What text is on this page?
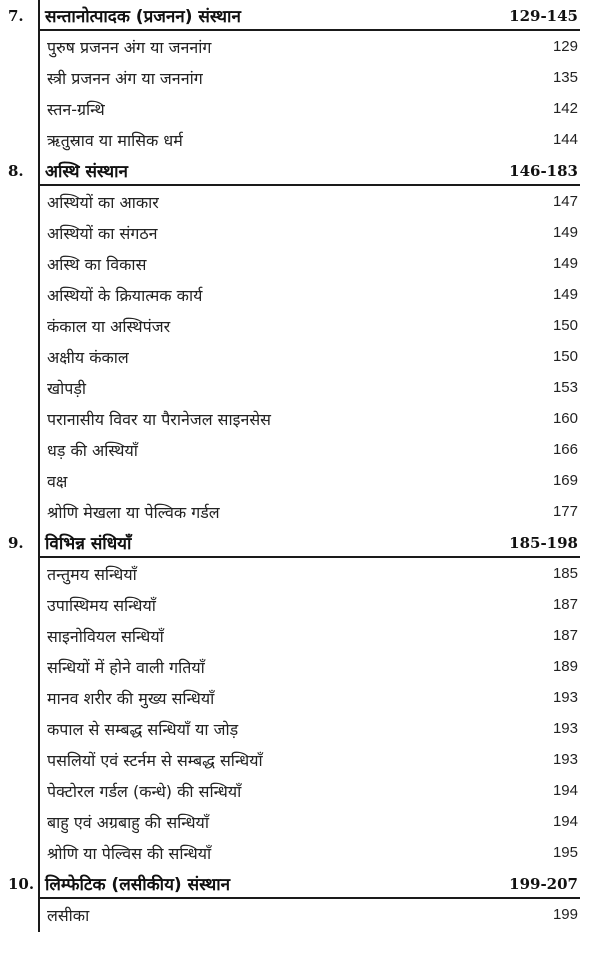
7. सन्तानोत्पादक (प्रजनन) संस्थान	129-145
पुरुष प्रजनन अंग या जननांग	129
स्त्री प्रजनन अंग या जननांग	135
स्तन-ग्रन्थि	142
ऋतुस्राव या मासिक धर्म	144
8. अस्थि संस्थान	146-183
अस्थियों का आकार	147
अस्थियों का संगठन	149
अस्थि का विकास	149
अस्थियों के क्रियात्मक कार्य	149
कंकाल या अस्थिपंजर	150
अक्षीय कंकाल	150
खोपड़ी	153
परानासीय विवर या पैरानेजल साइनसेस	160
धड़ की अस्थियाँ	166
वक्ष	169
श्रोणि मेखला या पेल्विक गर्डल	177
9. विभिन्न संधियाँ	185-198
तन्तुमय सन्धियाँ	185
उपास्थिमय सन्धियाँ	187
साइनोवियल सन्धियाँ	187
सन्धियों में होने वाली गतियाँ	189
मानव शरीर की मुख्य सन्धियाँ	193
कपाल से सम्बद्ध सन्धियाँ या जोड़	193
पसलियों एवं स्टर्नम से सम्बद्ध सन्धियाँ	193
पेक्टोरल गर्डल (कन्धे) की सन्धियाँ	194
बाहु एवं अग्रबाहु की सन्धियाँ	194
श्रोणि या पेल्विस की सन्धियाँ	195
10. लिम्फेटिक (लसीकीय) संस्थान	199-207
लसीका	199
